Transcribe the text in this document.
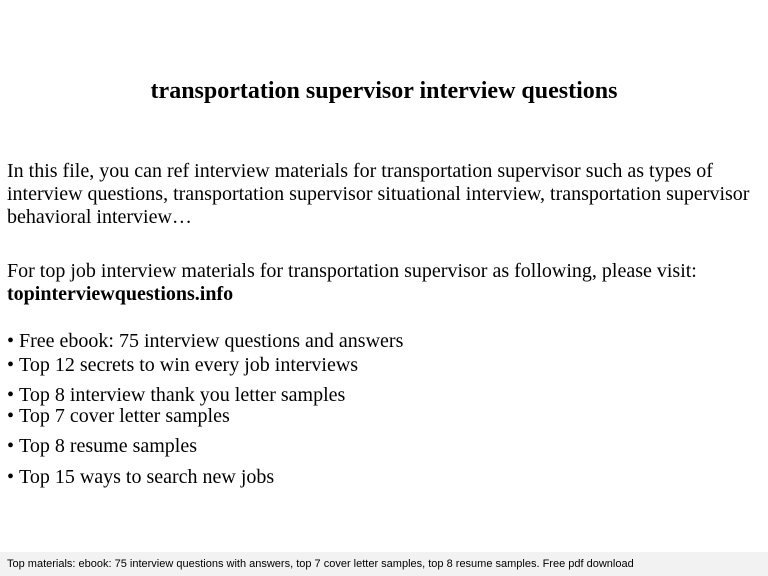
transportation supervisor interview questions
In this file, you can ref interview materials for transportation supervisor such as types of interview questions, transportation supervisor situational interview, transportation supervisor behavioral interview…
For top job interview materials for transportation supervisor as following, please visit:
topinterviewquestions.info
• Free ebook: 75 interview questions and answers
• Top 12 secrets to win every job interviews
• Top 8 interview thank you letter samples
• Top 7 cover letter samples
• Top 8 resume samples
• Top 15 ways to search new jobs
Top materials: ebook: 75 interview questions with answers, top 7 cover letter samples, top 8 resume samples. Free pdf download
